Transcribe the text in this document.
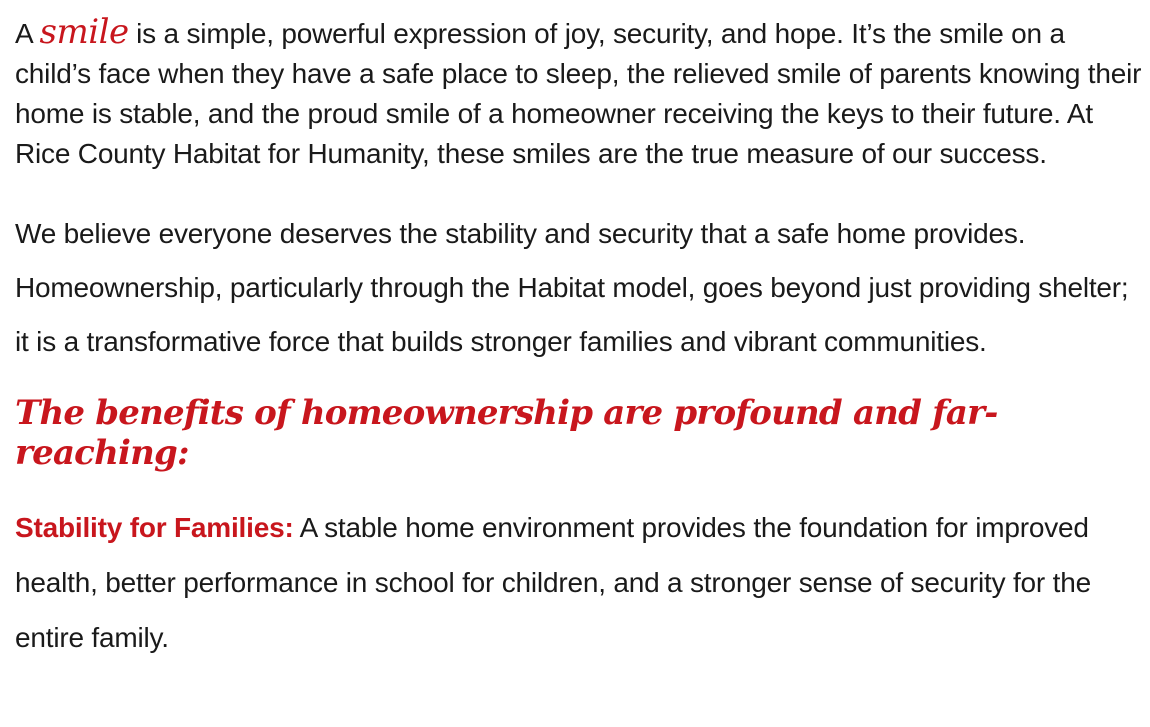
A smile is a simple, powerful expression of joy, security, and hope. It’s the smile on a child’s face when they have a safe place to sleep, the relieved smile of parents knowing their home is stable, and the proud smile of a homeowner receiving the keys to their future. At Rice County Habitat for Humanity, these smiles are the true measure of our success.

We believe everyone deserves the stability and security that a safe home provides. Homeownership, particularly through the Habitat model, goes beyond just providing shelter; it is a transformative force that builds stronger families and vibrant communities.

The benefits of homeownership are profound and far-reaching:

Stability for Families: A stable home environment provides the foundation for improved health, better performance in school for children, and a stronger sense of security for the entire family.
